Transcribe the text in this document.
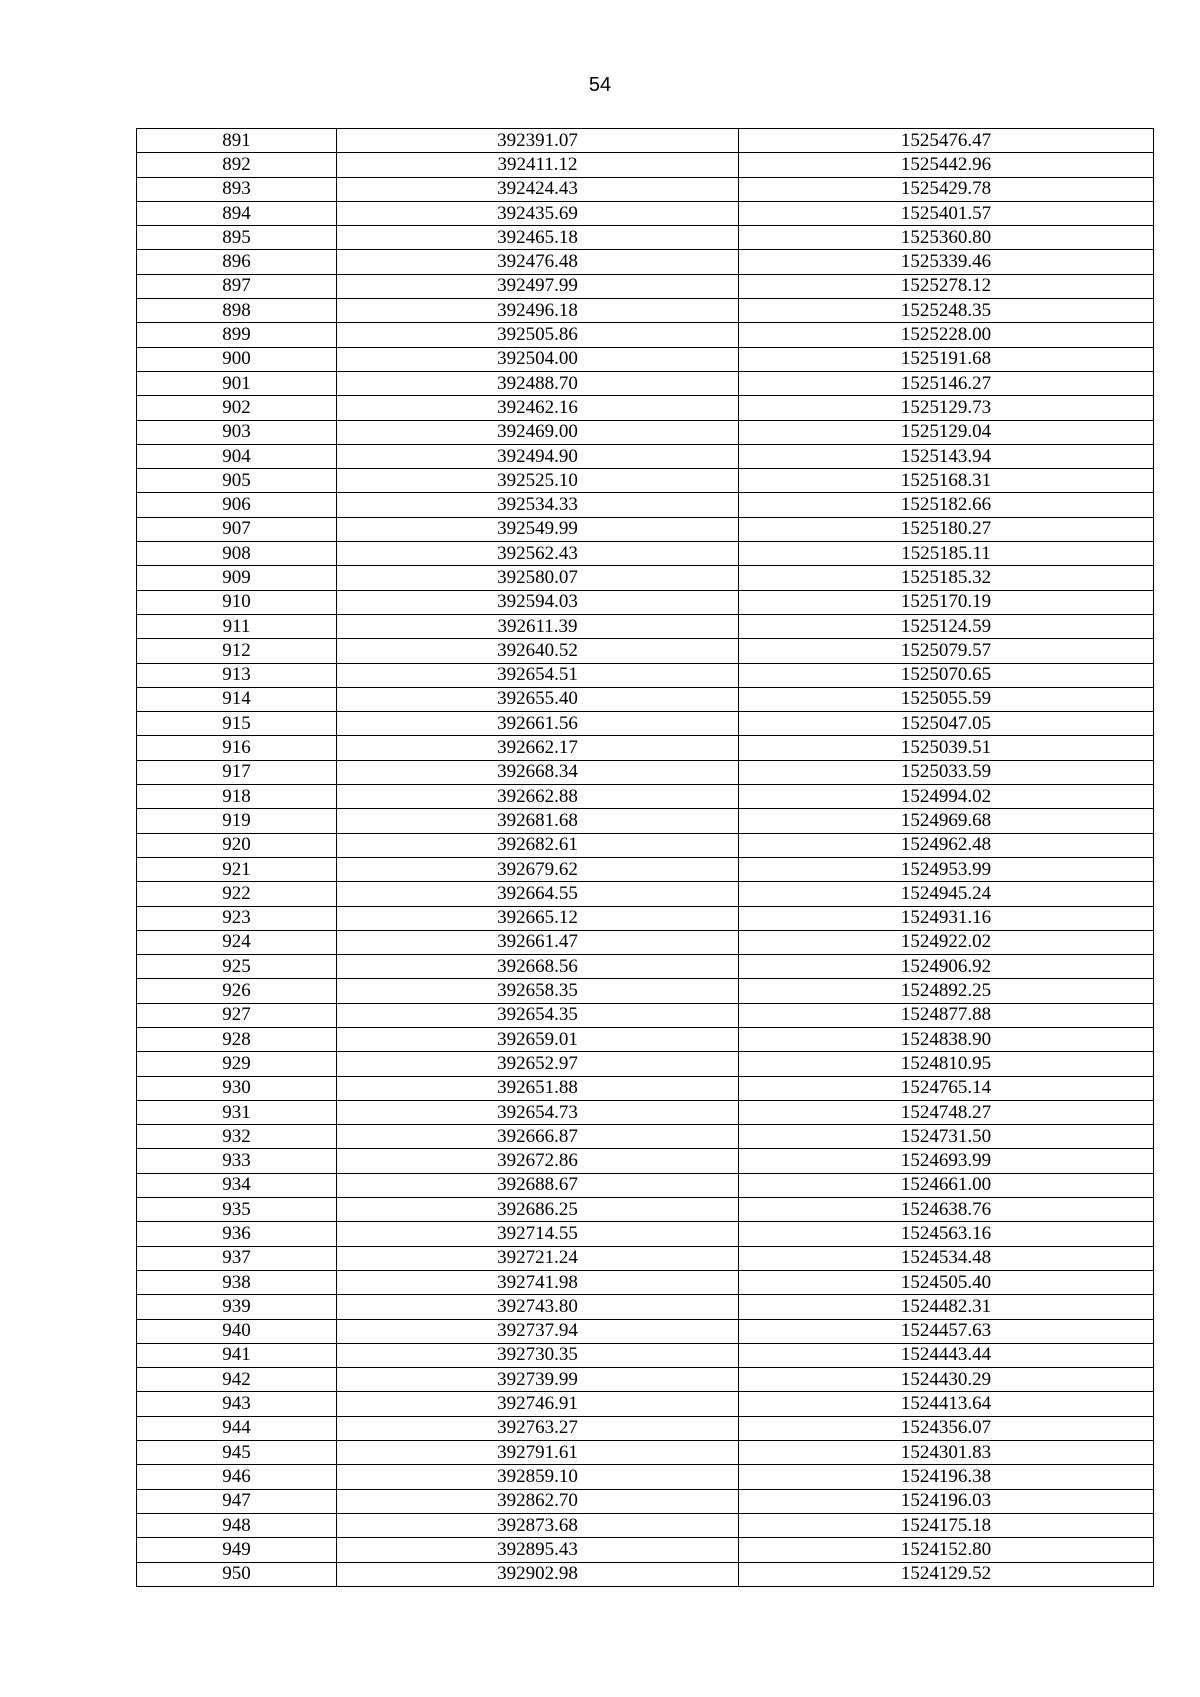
54
891	392391.07	1525476.47
892	392411.12	1525442.96
893	392424.43	1525429.78
894	392435.69	1525401.57
895	392465.18	1525360.80
896	392476.48	1525339.46
897	392497.99	1525278.12
898	392496.18	1525248.35
899	392505.86	1525228.00
900	392504.00	1525191.68
901	392488.70	1525146.27
902	392462.16	1525129.73
903	392469.00	1525129.04
904	392494.90	1525143.94
905	392525.10	1525168.31
906	392534.33	1525182.66
907	392549.99	1525180.27
908	392562.43	1525185.11
909	392580.07	1525185.32
910	392594.03	1525170.19
911	392611.39	1525124.59
912	392640.52	1525079.57
913	392654.51	1525070.65
914	392655.40	1525055.59
915	392661.56	1525047.05
916	392662.17	1525039.51
917	392668.34	1525033.59
918	392662.88	1524994.02
919	392681.68	1524969.68
920	392682.61	1524962.48
921	392679.62	1524953.99
922	392664.55	1524945.24
923	392665.12	1524931.16
924	392661.47	1524922.02
925	392668.56	1524906.92
926	392658.35	1524892.25
927	392654.35	1524877.88
928	392659.01	1524838.90
929	392652.97	1524810.95
930	392651.88	1524765.14
931	392654.73	1524748.27
932	392666.87	1524731.50
933	392672.86	1524693.99
934	392688.67	1524661.00
935	392686.25	1524638.76
936	392714.55	1524563.16
937	392721.24	1524534.48
938	392741.98	1524505.40
939	392743.80	1524482.31
940	392737.94	1524457.63
941	392730.35	1524443.44
942	392739.99	1524430.29
943	392746.91	1524413.64
944	392763.27	1524356.07
945	392791.61	1524301.83
946	392859.10	1524196.38
947	392862.70	1524196.03
948	392873.68	1524175.18
949	392895.43	1524152.80
950	392902.98	1524129.52
